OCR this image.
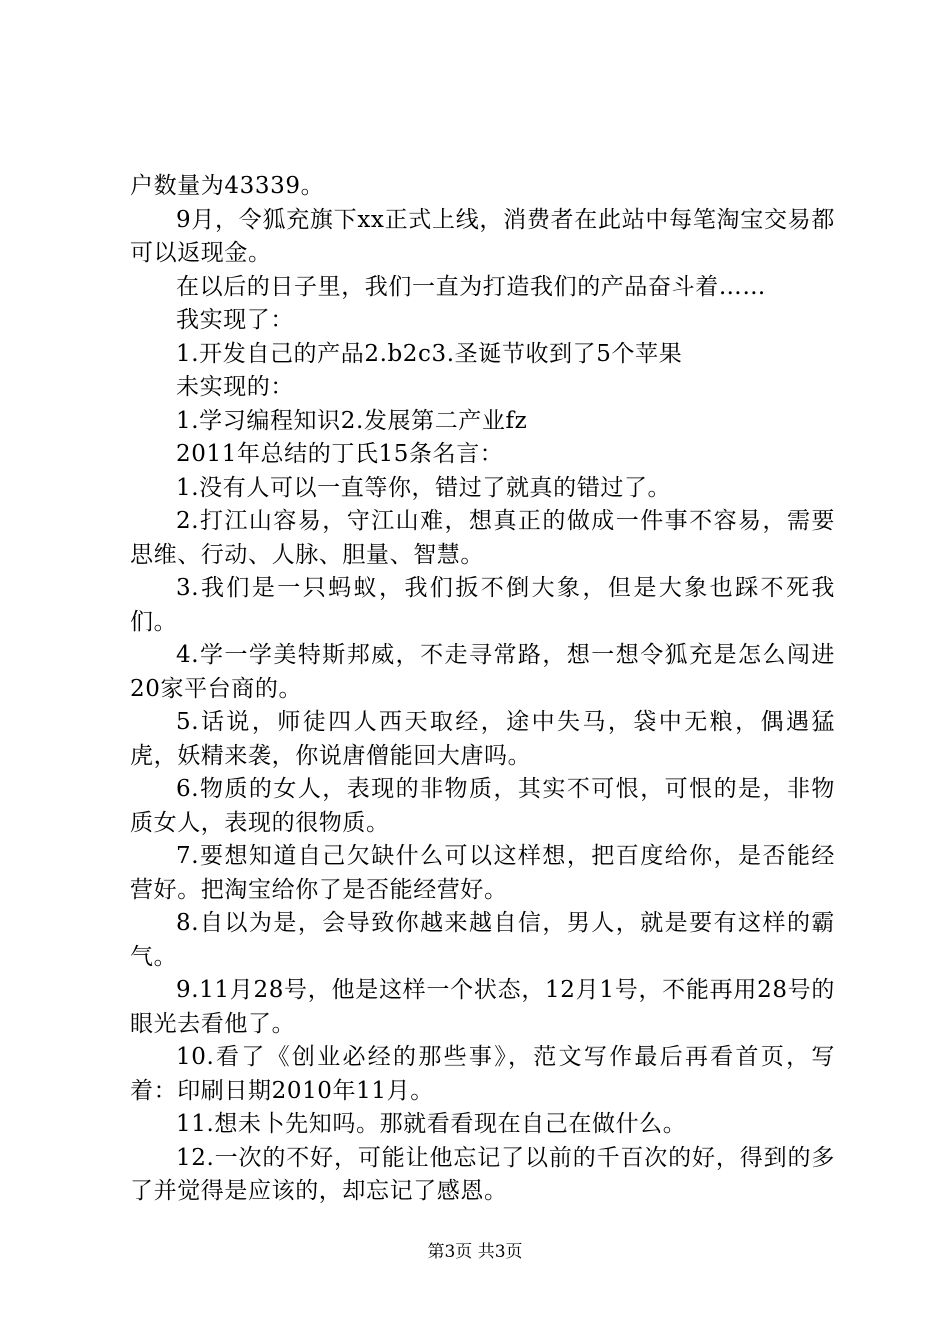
户数量为43339。

9月，令狐充旗下xx正式上线，消费者在此站中每笔淘宝交易都可以返现金。

在以后的日子里，我们一直为打造我们的产品奋斗着……

我实现了：

1.开发自己的产品2.b2c3.圣诞节收到了5个苹果

未实现的：

1.学习编程知识2.发展第二产业fz

2011年总结的丁氏15条名言：

1.没有人可以一直等你，错过了就真的错过了。

2.打江山容易，守江山难，想真正的做成一件事不容易，需要思维、行动、人脉、胆量、智慧。

3.我们是一只蚂蚁，我们扳不倒大象，但是大象也踩不死我们。

4.学一学美特斯邦威，不走寻常路，想一想令狐充是怎么闯进20家平台商的。

5.话说，师徒四人西天取经，途中失马，袋中无粮，偶遇猛虎，妖精来袭，你说唐僧能回大唐吗。

6.物质的女人，表现的非物质，其实不可恨，可恨的是，非物质女人，表现的很物质。

7.要想知道自己欠缺什么可以这样想，把百度给你，是否能经营好。把淘宝给你了是否能经营好。

8.自以为是，会导致你越来越自信，男人，就是要有这样的霸气。

9.11月28号，他是这样一个状态，12月1号，不能再用28号的眼光去看他了。

10.看了《创业必经的那些事》，范文写作最后再看首页，写着：印刷日期2010年11月。

11.想未卜先知吗。那就看看现在自己在做什么。

12.一次的不好，可能让他忘记了以前的千百次的好，得到的多了并觉得是应该的，却忘记了感恩。

第3页 共3页
